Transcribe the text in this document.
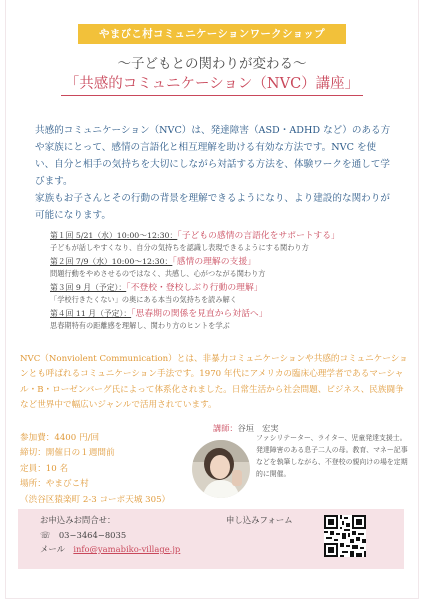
やまびこ村コミュニケーションワークショップ
〜子どもとの関わりが変わる〜
「共感的コミュニケーション（NVC）講座」

共感的コミュニケーション（NVC）は、発達障害（ASD・ADHD など）のある方や家族にとって、感情の言語化と相互理解を助ける有効な方法です。NVC を使い、自分と相手の気持ちを大切にしながら対話する方法を、体験ワークを通して学びます。

家族もお子さんとその行動の背景を理解できるようになり、より建設的な関わりが可能になります。

第１回 5/21（水）10:00〜12:30：「子どもの感情の言語化をサポートする」
子どもが話しやすくなり、自分の気持ちを認識し表現できるようにする関わり方
第２回 7/9（水）10:00〜12:30：「感情の理解の支援」
問題行動をやめさせるのではなく、共感し、心がつながる関わり方
第３回 9 月（予定）：「不登校・登校しぶり行動の理解」
「学校行きたくない」の奥にある本当の気持ちを読み解く
第４回 11 月（予定）：「思春期の関係を見直から対話へ」
思春期特有の距離感を理解し、関わり方のヒントを学ぶ
NVC（Nonviolent Communication）とは、非暴力コミュニケーションや共感的コミュニケーションとも呼ばれるコミュニケーション手法です。1970 年代にアメリカの臨床心理学者であるマーシャル・B・ローゼンバーグ氏によって体系化されました。日常生活から社会問題、ビジネス、民族闘争など世界中で幅広いジャンルで活用されています。
参加費：4400 円/回
締切：開催日の１週間前
定員：10 名
場所：やまびこ村
（渋谷区猿楽町 2-3 コーポ天城 305）
講師：谷垣　宏実
ファシリテーター、ライター、児童発達支援士。　発達障害のある息子二人の母。教育、マネー記事などを執筆しながら、不登校の親向けの場を定期的に開催。
お申込みお問合せ：
☏　03−3464−8035
メール　 info@yamabiko-village.jp
申し込みフォーム
